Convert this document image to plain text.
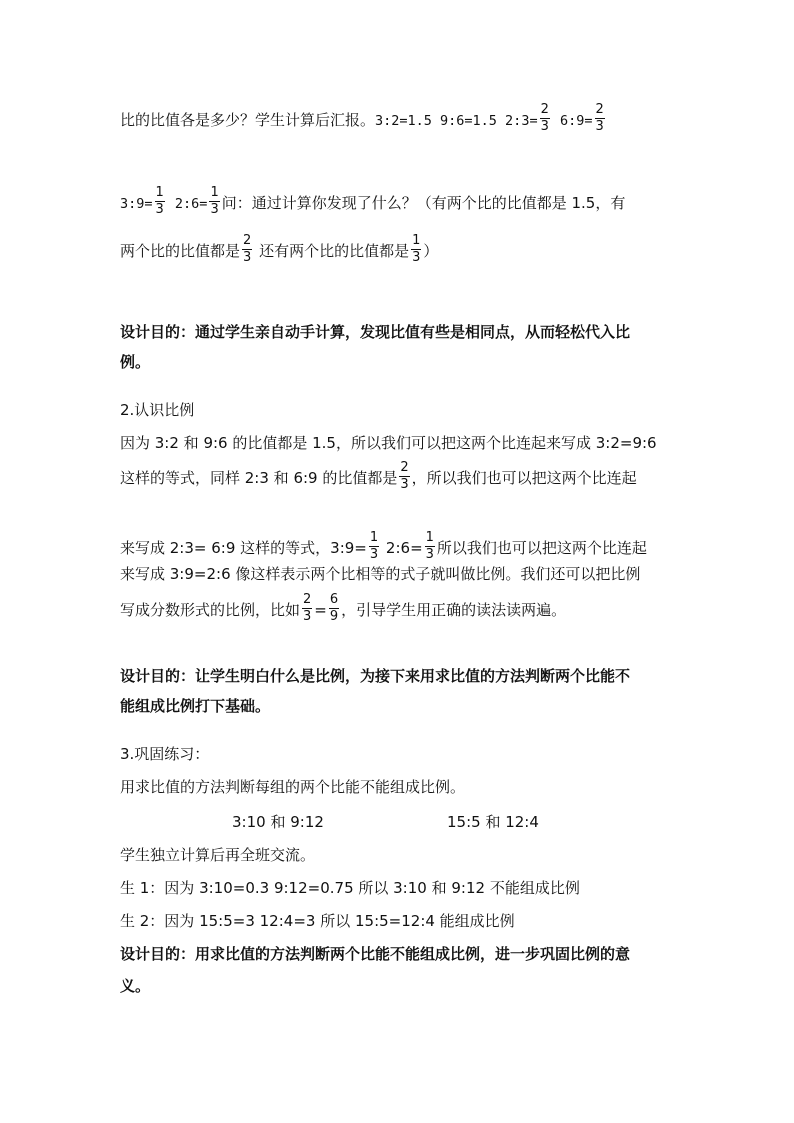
比的比值各是多少？学生计算后汇报。3:2=1.5 9:6=1.5 2:3= $\frac{2}{3}$ 6:9= $\frac{2}{3}$
3:9= $\frac{1}{3}$ 2:6= $\frac{1}{3}$ 问：通过计算你发现了什么？（有两个比的比值都是 1.5，有
两个比的比值都是 $\frac{2}{3}$ 还有两个比的比值都是 $\frac{1}{3}$ ）
设计目的：通过学生亲自动手计算，发现比值有些是相同点，从而轻松代入比
例。
2.认识比例
因为 3:2 和 9:6 的比值都是 1.5，所以我们可以把这两个比连起来写成 3:2=9:6
这样的等式，同样 2:3 和 6:9 的比值都是 $\frac{2}{3}$ ，所以我们也可以把这两个比连起
来写成 2:3= 6:9 这样的等式，3:9= $\frac{1}{3}$ 2:6= $\frac{1}{3}$ 所以我们也可以把这两个比连起
来写成 3:9=2:6 像这样表示两个比相等的式子就叫做比例。我们还可以把比例
写成分数形式的比例，比如 $\frac{2}{3} = \frac{6}{9}$ ，引导学生用正确的读法读两遍。
设计目的：让学生明白什么是比例，为接下来用求比值的方法判断两个比能不
能组成比例打下基础。
3.巩固练习：
用求比值的方法判断每组的两个比能不能组成比例。
3:10 和 9:12	15:5 和 12:4
学生独立计算后再全班交流。
生 1：因为 3:10=0.3 9:12=0.75 所以 3:10 和 9:12 不能组成比例
生 2：因为 15:5=3 12:4=3 所以 15:5=12:4 能组成比例
设计目的：用求比值的方法判断两个比能不能组成比例，进一步巩固比例的意
义。
